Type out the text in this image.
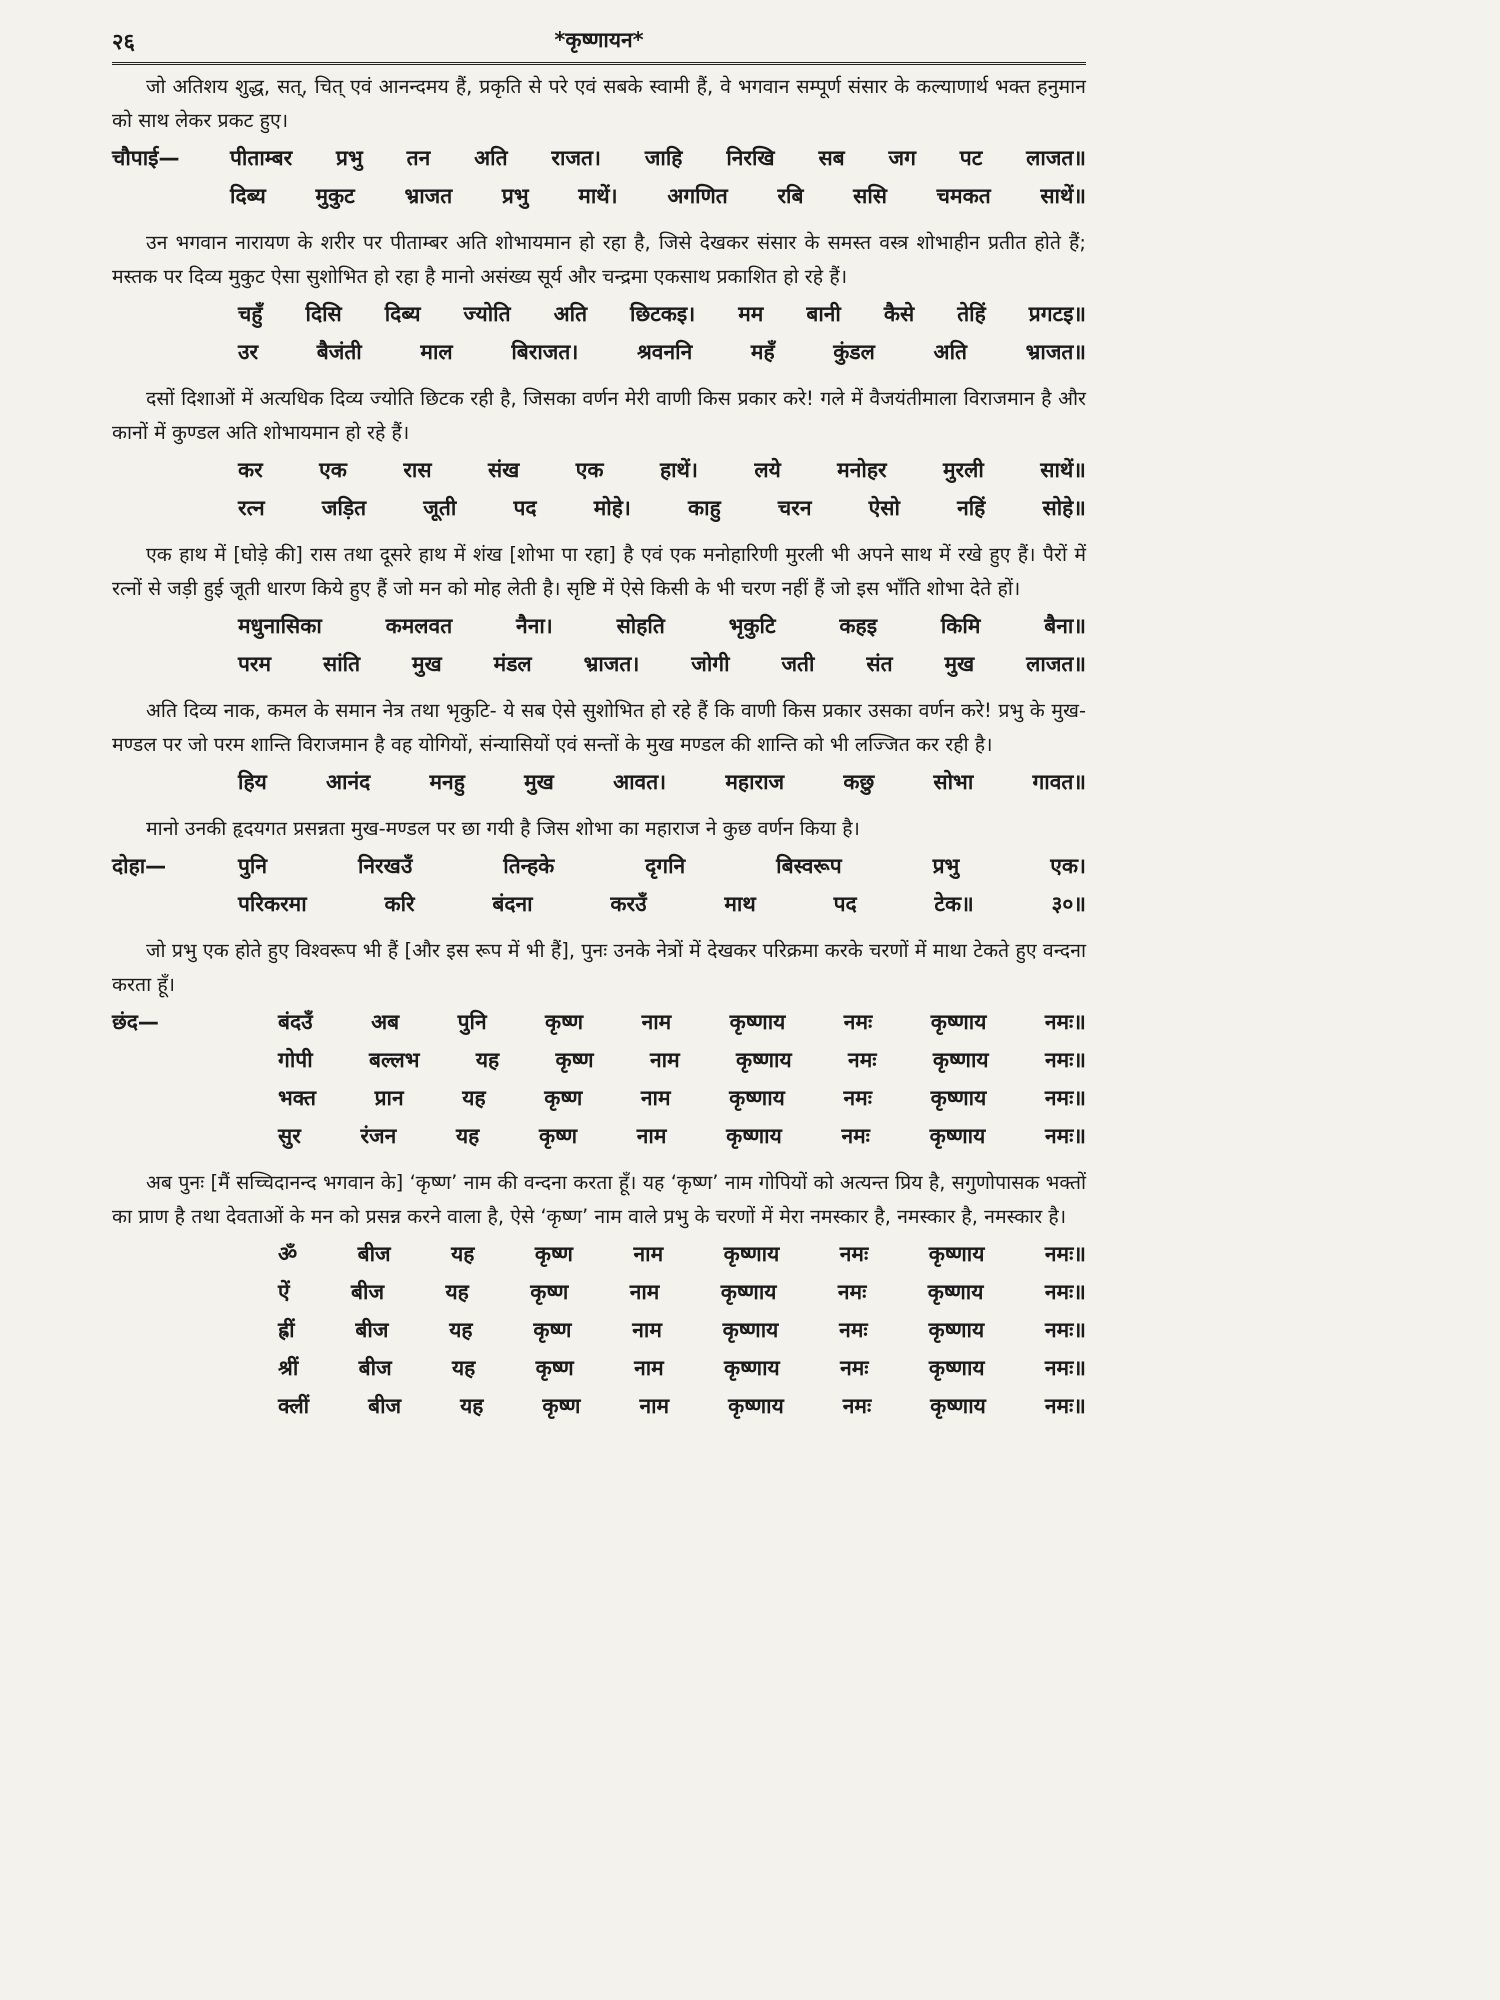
२६	*कृष्णायन*

जो अतिशय शुद्ध, सत्, चित् एवं आनन्दमय हैं, प्रकृति से परे एवं सबके स्वामी हैं, वे भगवान सम्पूर्ण संसार के कल्याणार्थ भक्त हनुमान को साथ लेकर प्रकट हुए।

चौपाई—	पीताम्बर प्रभु तन अति राजत। जाहि निरखि सब जग पट लाजत॥
दिब्य मुकुट भ्राजत प्रभु माथें। अगणित रबि ससि चमकत साथें॥

उन भगवान नारायण के शरीर पर पीताम्बर अति शोभायमान हो रहा है, जिसे देखकर संसार के समस्त वस्त्र शोभाहीन प्रतीत होते हैं; मस्तक पर दिव्य मुकुट ऐसा सुशोभित हो रहा है मानो असंख्य सूर्य और चन्द्रमा एकसाथ प्रकाशित हो रहे हैं।

चहुँ दिसि दिब्य ज्योति अति छिटकइ। मम बानी कैसे तेहिं प्रगटइ॥
उर	बैजंती	माल	बिराजत।	श्रवननि	महँ	कुंडल	अति	भ्राजत॥

दसों दिशाओं में अत्यधिक दिव्य ज्योति छिटक रही है, जिसका वर्णन मेरी वाणी किस प्रकार करे! गले में वैजयंतीमाला विराजमान है और कानों में कुण्डल अति शोभायमान हो रहे हैं।

कर	एक	रास	संख	एक	हाथें।	लये	मनोहर	मुरली	साथें॥
रत्न	जड़ित	जूती	पद	मोहे।	काहु	चरन	ऐसो	नहिं	सोहे॥

एक हाथ में [घोड़े की] रास तथा दूसरे हाथ में शंख [शोभा पा रहा] है एवं एक मनोहारिणी मुरली भी अपने साथ में रखे हुए हैं। पैरों में रत्नों से जड़ी हुई जूती धारण किये हुए हैं जो मन को मोह लेती है। सृष्टि में ऐसे किसी के भी चरण नहीं हैं जो इस भाँति शोभा देते हों।

मधुनासिका	कमलवत	नैना।	सोहति	भृकुटि	कहइ	किमि	बैना॥
परम सांति मुख मंडल भ्राजत। जोगी जती संत मुख लाजत॥

अति दिव्य नाक, कमल के समान नेत्र तथा भृकुटि- ये सब ऐसे सुशोभित हो रहे हैं कि वाणी किस प्रकार उसका वर्णन करे! प्रभु के मुख-मण्डल पर जो परम शान्ति विराजमान है वह योगियों, संन्यासियों एवं सन्तों के मुख मण्डल की शान्ति को भी लज्जित कर रही है।

हिय	आनंद	मनहु	मुख	आवत।	महाराज	कछु	सोभा	गावत॥

मानो उनकी हृदयगत प्रसन्नता मुख-मण्डल पर छा गयी है जिस शोभा का महाराज ने कुछ वर्णन किया है।

दोहा—	पुनि	निरखउँ	तिन्हके	दृगनि	बिस्वरूप	प्रभु	एक।
परिकरमा	करि	बंदना	करउँ	माथ	पद	टेक॥	३०॥

जो प्रभु एक होते हुए विश्वरूप भी हैं [और इस रूप में भी हैं], पुनः उनके नेत्रों में देखकर परिक्रमा करके चरणों में माथा टेकते हुए वन्दना करता हूँ।

छंद—	बंदउँ	अब	पुनि	कृष्ण	नाम	कृष्णाय	नमः	कृष्णाय	नमः॥
गोपी	बल्लभ	यह	कृष्ण	नाम	कृष्णाय	नमः	कृष्णाय	नमः॥
भक्त	प्रान	यह	कृष्ण	नाम	कृष्णाय	नमः	कृष्णाय	नमः॥
सुर	रंजन	यह	कृष्ण	नाम	कृष्णाय	नमः	कृष्णाय	नमः॥

अब पुनः [मैं सच्चिदानन्द भगवान के] ‘कृष्ण’ नाम की वन्दना करता हूँ। यह ‘कृष्ण’ नाम गोपियों को अत्यन्त प्रिय है, सगुणोपासक भक्तों का प्राण है तथा देवताओं के मन को प्रसन्न करने वाला है, ऐसे ‘कृष्ण’ नाम वाले प्रभु के चरणों में मेरा नमस्कार है, नमस्कार है, नमस्कार है।

ॐ	बीज	यह	कृष्ण	नाम	कृष्णाय	नमः	कृष्णाय	नमः॥
ऐं	बीज	यह	कृष्ण	नाम	कृष्णाय	नमः	कृष्णाय	नमः॥
ह्रीं	बीज	यह	कृष्ण	नाम	कृष्णाय	नमः	कृष्णाय	नमः॥
श्रीं	बीज	यह	कृष्ण	नाम	कृष्णाय	नमः	कृष्णाय	नमः॥
क्लीं	बीज	यह	कृष्ण	नाम	कृष्णाय	नमः	कृष्णाय	नमः॥
